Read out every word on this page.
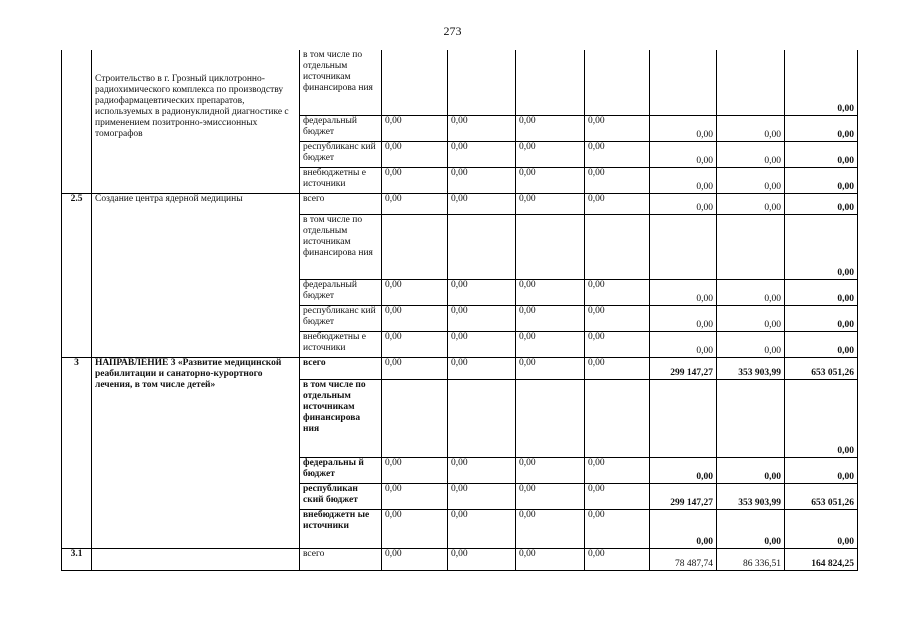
273
	Строительство в г. Грозный циклотронно-радиохимического комплекса по производству радиофармацевтических препаратов, используемых в радионуклидной диагностике с применением позитронно-эмиссионных томографов	в том числе по отдельным источникам финансирова ния							0,00
		федеральный бюджет	0,00	0,00	0,00	0,00	0,00	0,00	0,00
		республиканс кий бюджет	0,00	0,00	0,00	0,00	0,00	0,00	0,00
		внебюджетны е источники	0,00	0,00	0,00	0,00	0,00	0,00	0,00
2.5	Создание центра ядерной медицины	всего	0,00	0,00	0,00	0,00	0,00	0,00	0,00
		в том числе по отдельным источникам финансирова ния							0,00
		федеральный бюджет	0,00	0,00	0,00	0,00	0,00	0,00	0,00
		республиканс кий бюджет	0,00	0,00	0,00	0,00	0,00	0,00	0,00
		внебюджетны е источники	0,00	0,00	0,00	0,00	0,00	0,00	0,00
3	НАПРАВЛЕНИЕ 3 «Развитие медицинской реабилитации и санаторно-курортного лечения, в том числе детей»	всего	0,00	0,00	0,00	0,00	299 147,27	353 903,99	653 051,26
		в том числе по отдельным источникам финансирова ния							0,00
		федеральны й бюджет	0,00	0,00	0,00	0,00	0,00	0,00	0,00
		республикан ский бюджет	0,00	0,00	0,00	0,00	299 147,27	353 903,99	653 051,26
		внебюджетн ые источники	0,00	0,00	0,00	0,00	0,00	0,00	0,00
3.1		всего	0,00	0,00	0,00	0,00	78 487,74	86 336,51	164 824,25
